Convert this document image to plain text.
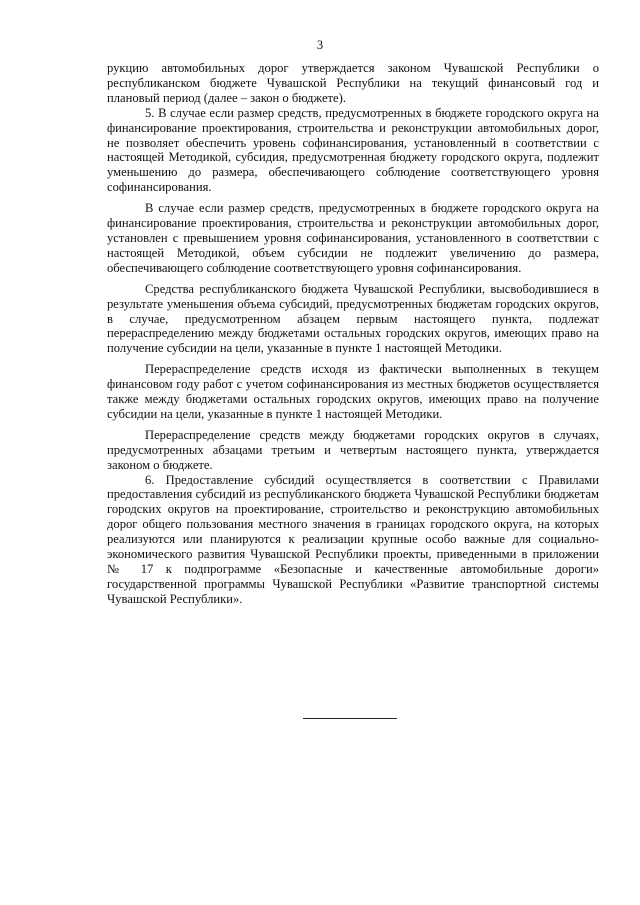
3

рукцию автомобильных дорог утверждается законом Чувашской Республики о республиканском бюджете Чувашской Республики на текущий финансовый год и плановый период (далее – закон о бюджете).

5. В случае если размер средств, предусмотренных в бюджете городского округа на финансирование проектирования, строительства и реконструкции автомобильных дорог, не позволяет обеспечить уровень софинансирования, установленный в соответствии с настоящей Методикой, субсидия, предусмотренная бюджету городского округа, подлежит уменьшению до размера, обеспечивающего соблюдение соответствующего уровня софинансирования.

В случае если размер средств, предусмотренных в бюджете городского округа на финансирование проектирования, строительства и реконструкции автомобильных дорог, установлен с превышением уровня софинансирования, установленного в соответствии с настоящей Методикой, объем субсидии не подлежит увеличению до размера, обеспечивающего соблюдение соответствующего уровня софинансирования.

Средства республиканского бюджета Чувашской Республики, высвободившиеся в результате уменьшения объема субсидий, предусмотренных бюджетам городских округов, в случае, предусмотренном абзацем первым настоящего пункта, подлежат перераспределению между бюджетами остальных городских округов, имеющих право на получение субсидии на цели, указанные в пункте 1 настоящей Методики.

Перераспределение средств исходя из фактически выполненных в текущем финансовом году работ с учетом софинансирования из местных бюджетов осуществляется также между бюджетами остальных городских округов, имеющих право на получение субсидии на цели, указанные в пункте 1 настоящей Методики.

Перераспределение средств между бюджетами городских округов в случаях, предусмотренных абзацами третьим и четвертым настоящего пункта, утверждается законом о бюджете.

6. Предоставление субсидий осуществляется в соответствии с Правилами предоставления субсидий из республиканского бюджета Чувашской Республики бюджетам городских округов на проектирование, строительство и реконструкцию автомобильных дорог общего пользования местного значения в границах городского округа, на которых реализуются или планируются к реализации крупные особо важные для социально-экономического развития Чувашской Республики проекты, приведенными в приложении № 17 к подпрограмме «Безопасные и качественные автомобильные дороги» государственной программы Чувашской Республики «Развитие транспортной системы Чувашской Республики».
